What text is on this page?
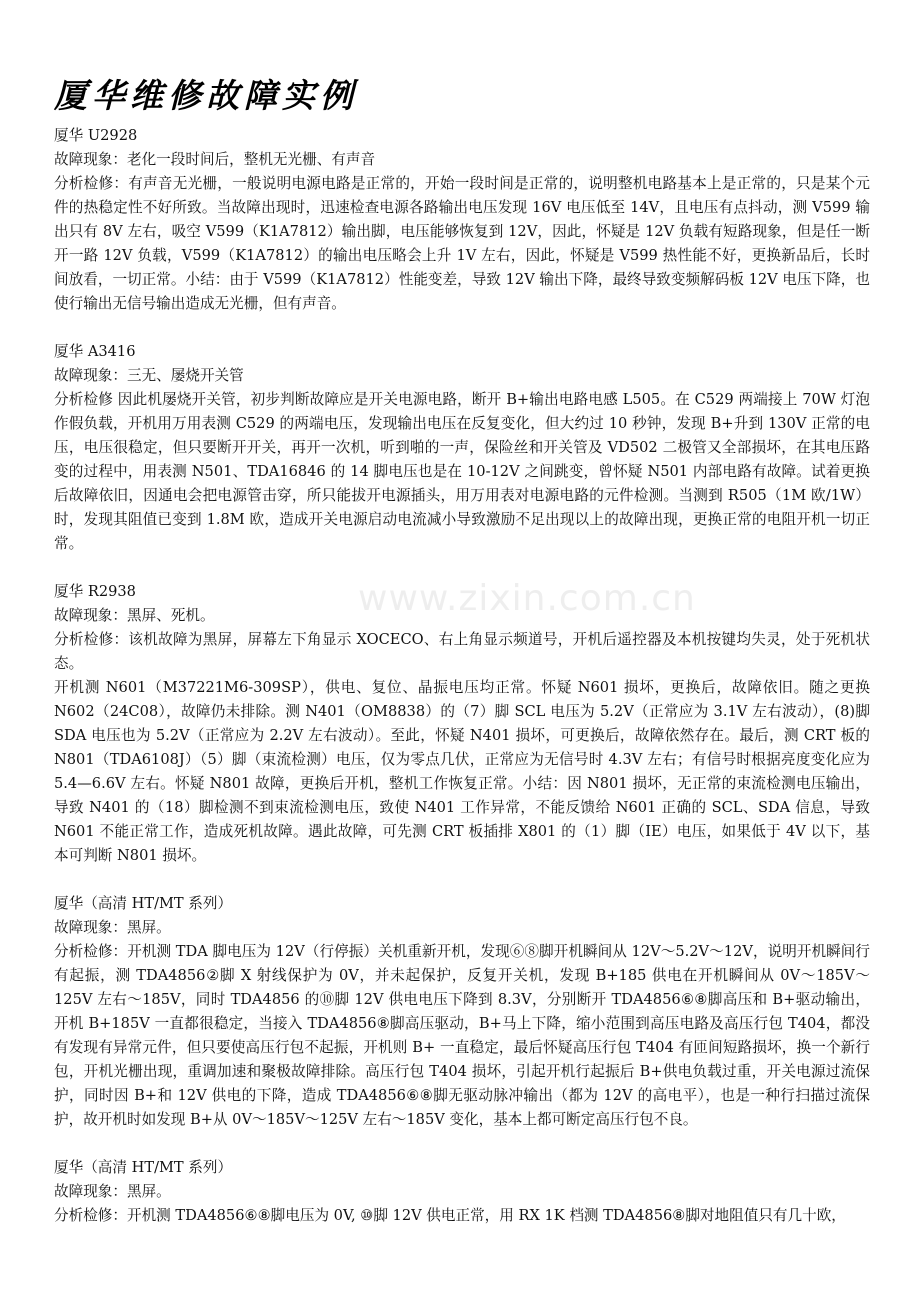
厦华维修故障实例
www.zixin.com.cn

厦华 U2928

故障现象：老化一段时间后，整机无光栅、有声音

分析检修：有声音无光栅，一般说明电源电路是正常的，开始一段时间是正常的，说明整机电路基本上是正常的，只是某个元件的热稳定性不好所致。当故障出现时，迅速检查电源各路输出电压发现 16V 电压低至 14V，且电压有点抖动，测 V599 输出只有 8V 左右，吸空 V599（K1A7812）输出脚，电压能够恢复到 12V，因此，怀疑是 12V 负载有短路现象，但是任一断开一路 12V 负载，V599（K1A7812）的输出电压略会上升 1V 左右，因此，怀疑是 V599 热性能不好，更换新品后，长时间放看，一切正常。小结：由于 V599（K1A7812）性能变差，导致 12V 输出下降，最终导致变频解码板 12V 电压下降，也使行输出无信号输出造成无光栅，但有声音。

厦华 A3416

故障现象：三无、屡烧开关管

分析检修 因此机屡烧开关管，初步判断故障应是开关电源电路，断开 B+输出电路电感 L505。在 C529 两端接上 70W 灯泡作假负载，开机用万用表测 C529 的两端电压，发现输出电压在反复变化，但大约过 10 秒钟，发现 B+升到 130V 正常的电压，电压很稳定，但只要断开开关，再开一次机，听到啪的一声，保险丝和开关管及 VD502 二极管又全部损坏，在其电压路变的过程中，用表测 N501、TDA16846 的 14 脚电压也是在 10-12V 之间跳变，曾怀疑 N501 内部电路有故障。试着更换后故障依旧，因通电会把电源管击穿，所只能拔开电源插头，用万用表对电源电路的元件检测。当测到 R505（1M 欧/1W）时，发现其阻值已变到 1.8M 欧，造成开关电源启动电流减小导致激励不足出现以上的故障出现，更换正常的电阻开机一切正常。

厦华 R2938

故障现象：黑屏、死机。

分析检修：该机故障为黑屏，屏幕左下角显示 XOCECO、右上角显示频道号，开机后遥控器及本机按键均失灵，处于死机状态。

开机测 N601（M37221M6-309SP），供电、复位、晶振电压均正常。怀疑 N601 损坏，更换后，故障依旧。随之更换 N602（24C08），故障仍未排除。测 N401（OM8838）的（7）脚 SCL 电压为 5.2V（正常应为 3.1V 左右波动），(8)脚 SDA 电压也为 5.2V（正常应为 2.2V 左右波动）。至此，怀疑 N401 损坏，可更换后，故障依然存在。最后，测 CRT 板的 N801（TDA6108J）（5）脚（束流检测）电压，仅为零点几伏，正常应为无信号时 4.3V 左右；有信号时根据亮度变化应为 5.4—6.6V 左右。怀疑 N801 故障，更换后开机，整机工作恢复正常。小结：因 N801 损坏，无正常的束流检测电压输出，导致 N401 的（18）脚检测不到束流检测电压，致使 N401 工作异常，不能反馈给 N601 正确的 SCL、SDA 信息，导致 N601 不能正常工作，造成死机故障。遇此故障，可先测 CRT 板插排 X801 的（1）脚（IE）电压，如果低于 4V 以下，基本可判断 N801 损坏。

厦华（高清 HT/MT 系列）

故障现象：黑屏。

分析检修：开机测 TDA 脚电压为 12V（行停振）关机重新开机，发现⑥⑧脚开机瞬间从 12V～5.2V～12V，说明开机瞬间行有起振，测 TDA4856②脚 X 射线保护为 0V，并未起保护，反复开关机，发现 B+185 供电在开机瞬间从 0V～185V～125V 左右～185V，同时 TDA4856 的⑩脚 12V 供电电压下降到 8.3V，分别断开 TDA4856⑥⑧脚高压和 B+驱动输出，开机 B+185V 一直都很稳定，当接入 TDA4856⑧脚高压驱动，B+马上下降，缩小范围到高压电路及高压行包 T404，都没有发现有异常元件，但只要使高压行包不起振，开机则 B+ 一直稳定，最后怀疑高压行包 T404 有匝间短路损坏，换一个新行包，开机光栅出现，重调加速和聚极故障排除。高压行包 T404 损坏，引起开机行起振后 B+供电负载过重，开关电源过流保护，同时因 B+和 12V 供电的下降，造成 TDA4856⑥⑧脚无驱动脉冲输出（都为 12V 的高电平），也是一种行扫描过流保护，故开机时如发现 B+从 0V～185V～125V 左右～185V 变化，基本上都可断定高压行包不良。

厦华（高清 HT/MT 系列）

故障现象：黑屏。

分析检修：开机测 TDA4856⑥⑧脚电压为 0V, ⑩脚 12V 供电正常，用 RX 1K 档测 TDA4856⑧脚对地阻值只有几十欧，
